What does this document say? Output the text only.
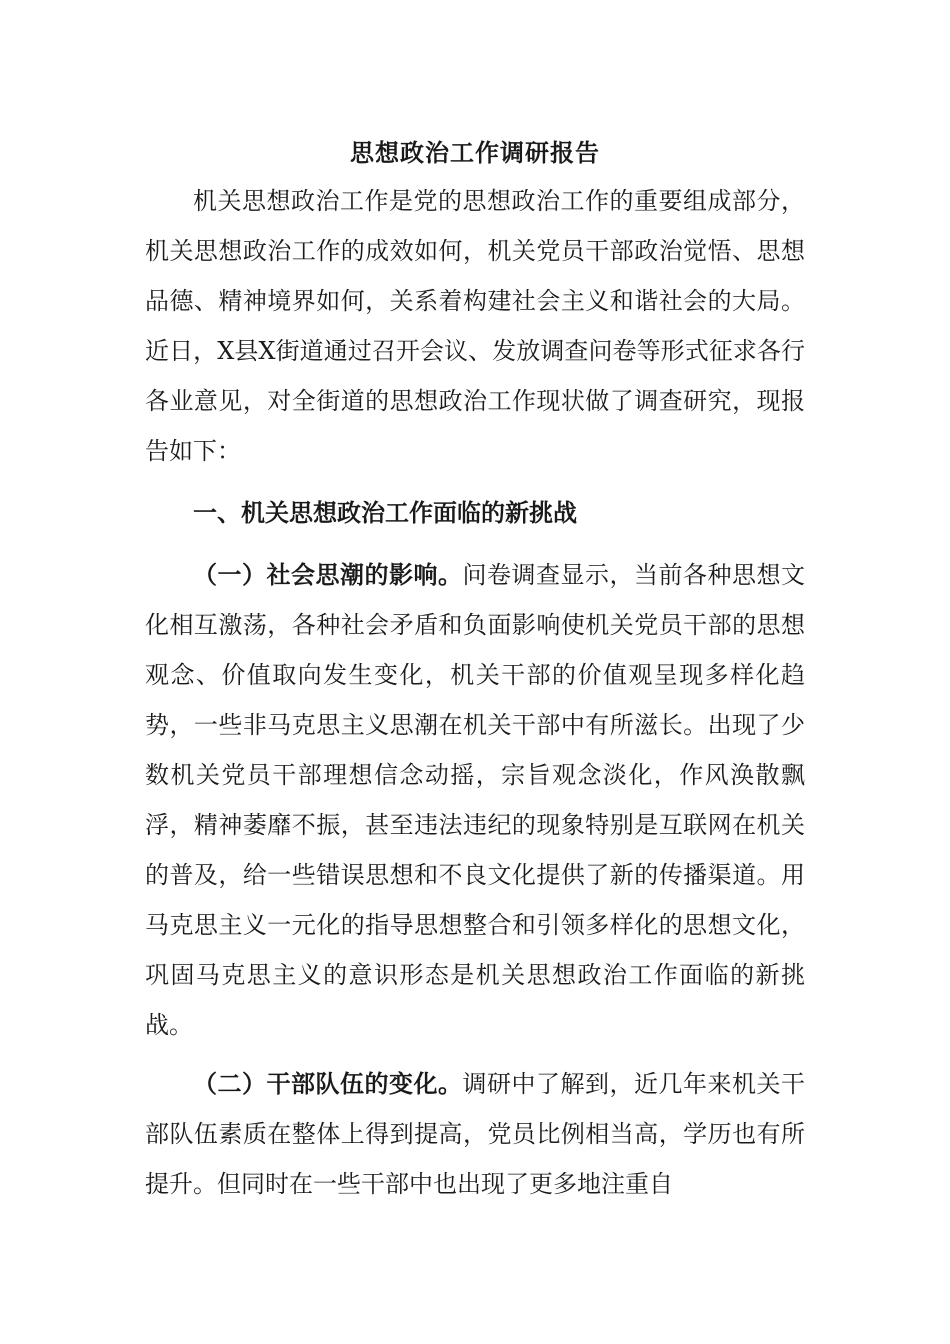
思想政治工作调研报告

机关思想政治工作是党的思想政治工作的重要组成部分，机关思想政治工作的成效如何，机关党员干部政治觉悟、思想品德、精神境界如何，关系着构建社会主义和谐社会的大局。近日，X县X街道通过召开会议、发放调查问卷等形式征求各行各业意见，对全街道的思想政治工作现状做了调查研究，现报告如下：

一、机关思想政治工作面临的新挑战

（一）社会思潮的影响。问卷调查显示，当前各种思想文化相互激荡，各种社会矛盾和负面影响使机关党员干部的思想观念、价值取向发生变化，机关干部的价值观呈现多样化趋势，一些非马克思主义思潮在机关干部中有所滋长。出现了少数机关党员干部理想信念动摇，宗旨观念淡化，作风涣散飘浮，精神萎靡不振，甚至违法违纪的现象特别是互联网在机关的普及，给一些错误思想和不良文化提供了新的传播渠道。用马克思主义一元化的指导思想整合和引领多样化的思想文化，巩固马克思主义的意识形态是机关思想政治工作面临的新挑战。

（二）干部队伍的变化。调研中了解到，近几年来机关干部队伍素质在整体上得到提高，党员比例相当高，学历也有所提升。但同时在一些干部中也出现了更多地注重自
